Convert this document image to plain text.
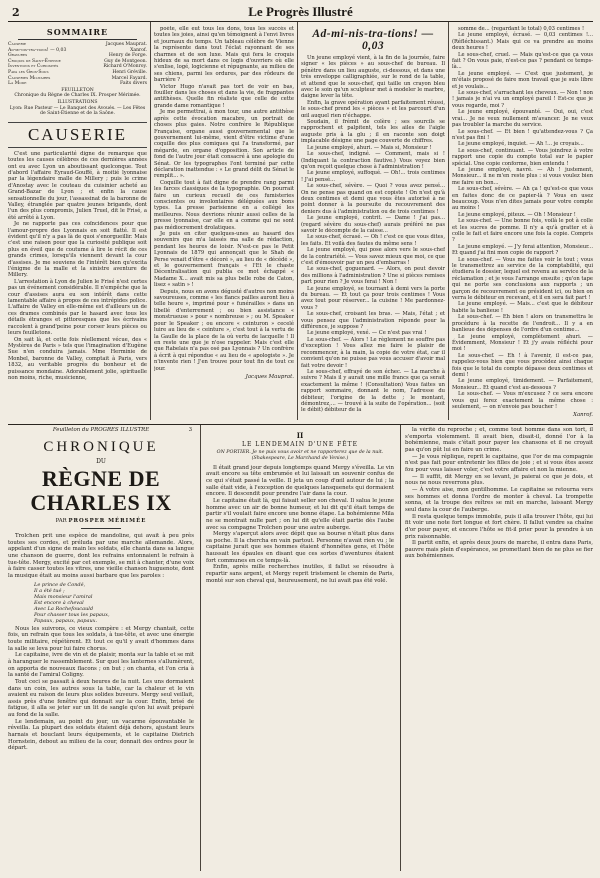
2	Le Progrès Illustré
SOMMAIRE
Causerie	Jacques Mauprat.
Ad-mi-nis-tra-tions! — 0,03	Xanrof.
Gravures	Henry de Forge.
Croquis de Saint-Étienne	Guy de Montgeon.
Inventions et Curiosités	Richard O'Monroy.
Papa les Gros-Sous	Henri Gréville.
Causeries Militaires	Marcel Fayard.
La Mode	Faits divers
FEUILLETON
Chronique du Règne de Charles IX. Prosper Mérimée.
ILLUSTRATIONS
Lyon: Rue Pasteur — Le Banquet des Avoués. — Les Fêtes de Saint-Étienne et de la Saône.
CAUSERIE

C'est une particularité digne de remarque que toutes les causes célèbres de ces dernières années ont eu avec Lyon un aboutissant quelconque. Tout d'abord l'affaire Eyraud-Gouffé, à moitié lyonnaise par la légendaire malle de Millery ; puis le crime d'Anostay avec le couteau du cuisinier acheté au Grand-Bazar de Lyon ; et enfin la cause sensationnelle du jour, l'assassinat de la baronne de Valley, étranglée par quatre jeunes brigands, dont l'un des plus compromis, Julien Truel, dit le Frisé, a été arrêté à Lyon.

Je ne rapporte pas ces coïncidences pour que l'amour-propre des Lyonnais en soit flatté. Il est évident qu'il n'y a pas là de quoi s'enorgueillir. Mais c'est une raison pour que la curiosité publique soit plus en éveil que de coutume à lire le récit de ces grands crimes, lorsqu'ils viennent devant la cour d'assises. Je me souviens de l'intérêt bien qu'excita l'énigme de la malle et la sinistre aventure de Millery.

L'arrestation à Lyon de Julien le Frisé n'est certes pas un événement considérable. Il n'empêche que la cour d'assises aura eu son intérêt dans cette lamentable affaire à propos de ces intrépides police. L'affaire de Valley en elle-même est d'ailleurs un de ces drames combinés par le hasard avec tous les détails étranges et pittoresques que les écrivains raccolent à grand'peine pour corser leurs pièces ou leurs feuilletons.

On sait là, et cette fois réellement vécue, des « Mystères de Paris » tels que l'imagination d'Eugène Sue n'en conduira jamais. Mme Herminie de Monbel, baronne de Valley, comptait à Paris, vers 1832, au veritable progrès du bonheur et de puissance mondaine. Adorablement jolie, spirituelle non moins, riche, musicienne,

poète, elle eut tous les dons, tous les succès et toutes les joies, ainsi qu'en témoignent à l'envi livres et journaux du temps. Un tableau célèbre de Vienne la représente dans tout l'éclat rayonnant de ses charmes et de son luxe. Mais qui fera le croquis hideux de sa mort dans ce logis d'ouvriers où elle s'enlise, logé, logicienne et répugnante, au milieu de ses chiens, parmi les ordures, par des rôdeurs de barrière ?

Victor Hugo n'avait pas tort de voir en bas, fouiller dans les choses et dans la vie, de frappantes antithèses. Quelle fin réaliste que celle de cette grande dame romantique !

Je me permettrai, à mon tour, une autre antithèse après cette évocation macabre, un portrait de choses plus gaies. Notre confrère le République Française, organe aussi gouvernemental que le gouvernement lui-même, vient d'être victime d'une coquille des plus comiques qui l'a transformé, par mégarde, en organe d'opposition. Son article de fond de l'autre jour était consacré à une apologie du Sénat. Or les typographes l'ont terminé par cette déclaration inattendue : « Le grand délit du Sénat le remplit... ».

Coquille tout à fait digne de prendre rang parmi les farces classiques de la typographie. On pourrait faire un curieux recueil de ces fumisteries conscientes ou involontaires déléguées aux bons types. La presse parisienne en a collégé les meilleures. Nous devrions réunir aussi celles de la presse lyonnaise, car elle en a comme qui ne sont pas médiocrement drolatiques.

Je puis en citer quelques-unes au hasard des souvenirs que m'a laissés ma salle de rédaction, pendant les heures de loisir. N'est-ce pas le Petit Lyonnais de 1879 qui annonçait que le Shah de Perse venait d'être « décoré », au lieu de « décédé », et le gouvernement français « l'Et le chaste Décentralisation qui publia ce mot échappé « Madame X... avait mis sa plus belle robe de Caton, lisez « satin » !

Depuis, nous en avons dégusté d'autres non moins savoureuses, comme « les flancs pailles auront lieu à telle heure », imprimé pour « funérailles » dans un libellé d'enterrement ; ou bien assistance « monstrueuse » pour « nombreuse » ; ou M. Speaker pour le Speaker ; ou encore « ceinturon » cecelé luire au lieu de « ceinture », c'est tout à la vertu de la Gaulle de la place de la où vertu de lacquelle ! Il en reste une que je n'ose rappeler. Mais c'est elle que Rabelais n'a pas osé pas Lyonnais ? Un confrère à écrit à qui répondue « au lieu de « apologiste ». Je n'invente rien ! J'en trouve pour tout fin de tout ce jour.

Jacques Mauprat.
Ad-mi-nis-tra-tions! — 0,03

Un jeune employé vient, à la fin de la journée, faire signer « les pièces » au sous-chef de bureau. Il pénètre dans un lieu auguste, ci-dessous, et dans une très enveloppe calligraphiée, sur le rond de la table, et attend que le sous-chef, qui taille un crayon bleu avec le soin qu'un sculpteur met à modeler le marbre, daigne lever la tête.

Enfin, la grave opération ayant parfaitement réussi, le sous-chef prend les « pièces » et les parcourt d'un œil auquel rien n'échappe.

Soudain, il frémit de colère ; ses sourcils se rapprochent et palpitent, tels les ailes de l'aigle auguste pris à la glu ; il en raconte son doigt implacable désigne une page couverte de chiffres.

Le jeune employé, ahuri. — Mais si, Monsieur !

Le sous-chef, indigné. — Comment, mais si ! (Indiquant la contraction fautive.) Vous voyez bien qu'on reçoit quelque chose à l'administration !

Le jeune employé, suffoqué. — Oh!... trois centimes ! J'ai pensé...

Le sous-chef, sévère. — Quoi ? vous avez pensé... On ne pense pas quand on est copiste ! On n'est qu'à deux centimes et demi que vous êtes autorisé à ne point donner à la poursuite du recouvrement des deniers dus à l'administration ou de trois centimes !

Le jeune employé, contrit. — Dame ! j'ai pas... (regard sévère du sous-chef) aurais préféré ne pas savoir le décompte de la caisse...

Le sous-chef, écrasé. — Oh ! c'est ce que vous dites, les faits. Et voilà des fautes du même sens !

Le jeune employé, qui pose alors vers le sous-chef de la contrariété. — Vous savez mieux que moi, ce que c'est d'émouvoir par un peu d'embarras !

Le sous-chef, goguenard. — Alors, on peut devoir des millions à l'administration ? Une si pièces remises part pour rien ? Je vous ferai ! Non !

Le jeune employé, se tournant à demi vers la porte du bureau. — Et tout ça pour trois centimes ! Vous avez tout pour réserver... la cuisine ! Me pardonnez-vous ?

Le sous-chef, croisant les bras. — Mais, l'état ; et vous pensez que l'administration réponde pour la différence, je suppose ?

Le jeune employé, vexé. — Ce n'est pas vrai !

Le sous-chef. — Alors ! Le règlement ne souffre pas d'exception ! Vous allez me faire le plaisir de recommencer, à la main, la copie de votre état, car il convient qu'on ne puisse pas vous accuser d'avoir mal fait votre devoir !

Le sous-chef, effrayé de son échec. — La marche à suivre ? Mais il y aurait une mille francs que ça serait exactement la même ! (Consultation) Vous faites un rapport sommaire, donnant le nom, l'adresse du débiteur, l'origine de la dette ; le montant, démontrez,... — trouvé à la suite de l'opération... (soit le débit) débiteur de la

somme de... (regardant le total) 0,03 centimes !

Le jeune employé, écrasé. — 0,03 centimes !... (Réfléchissant.) Mais qui ce va prendre au moins deux heures !

Le sous-chef, cruel. — Mais qu'est-ce que ça vous fait ? On vous paie, n'est-ce pas ? pendant ce temps-là...

Le jeune employé. — C'est que justement, je m'étais proposé de faire mon travail que je suis libre et je voulais...

Le sous-chef, s'arrachant les cheveux. — Non ! non ! jamais je n'ai vu un employé pareil ! Est-ce que je vous regarde, moi ?

Le jeune employé, épouvanté. — Oui, oui, c'est vrai... Je ne veux nullement m'avancer. Je ne veux pas troubler la marche du service.

Le sous-chef. — Et bien ! qu'attendez-vous ? Ça n'est pas fini !

Le jeune employé, inquiet. — Ah !... je croyais...

Le sous-chef, continuant. — Vous joindrez à votre rapport une copie du compte total sur le papier spécial. Une copie conforme, bien entendu !

Le jeune employé, navré. — Ah ! justement, Monsieur... il ne m'en reste plus : si vous voulez bien me faire un bon...

Le sous-chef, sévère. — Ah ça ! qu'est-ce que vous en faites donc de ce papier-là ? Vous en usez beaucoup. Vous n'en dites jamais pour votre compte au moins !

Le jeune employé, piteux. — Oh ! Monsieur !

Le sous-chef. — Une bonne fois, voilà le pot à colle et les sucres de pomme. Il n'y a qu'à gratter et à colle le fait et faire encore une fois la copie. Compris ?

Le jeune employé. — J'y ferai attention, Monsieur... Et quand j'ai fini mon copie de rapport ?

Le sous-chef. — Vous me faites voir le tout ; vous le transmettrez au service de la comptabilité, qui étudiera le dossier, lequel est revenu au service de la réclamation ; et je vous l'arrange ensuite ; qu'on tape qui ne porte ses conclusions aux rapports ; un garçon de recouvrement ou président ici, ou bien on verra le débiteur en recevant, et il en sera fait part !

Le jeune employé. — Mais... c'est que le débiteur habite la banlieue !

Le sous-chef. — Eh bien ! alors on transmettra le procédure à la recette de l'endroit... Il y a en banlieue des dépenses de l'ordre d'un centime...

Le jeune employé, complètement ahuri. — Évidemment, Monsieur ! Et j'y avais réfléchi pour moi !

Le sous-chef. — Eh ! à l'avenir, il est-ce pas, rappelez-vous bien que vous procédez ainsi chaque fois que le total du compte dépasse deux centimes et demi !

Le jeune employé, timidement. — Parfaitement, Monsieur... Et quand c'est au-dessous ?

Le sous-chef. — Vous m'excusez ? ce sera encore vous qui ferez exactement la même chose : seulement, — on n'envoie pas boucher !

Xanrof.

Feuilleton du PROGRÈS ILLUSTRÉ	3
CHRONIQUE
DU
RÈGNE DE CHARLES IX
PAR PROSPER MÉRIMÉE

Trolchen prit une espèce de mandoline, qui avait à peu près toutes ses cordes, et préluda par une marche allemande. Alors, appelant d'un signe de main les soldats, elle chanta dans sa langue une chanson de guerre, dont les refrains entonnaient le refrain à tue-tête. Mergy, excité par cet exemple, se mit à chanter, d'une voix à faire casser toutes les vitres, une vieille chanson huguenote, dont la musique était au moins aussi barbare que les paroles :

Le prince de Condé,
Il a été tué ;
Mais monsieur l'amiral
Est encore à cheval
Avec La Rochefoucauld
Pour chasser tous les papaux,
Papaux, papaux, papaux.

Nous les suivrons, ce vieux compère : et Mergy chantait, cette fois, un refrain que tous les soldats, à tue-tête, et avec une énergie toute militaire, répétèrent. Et tout ce qu'il y avait d'hommes dans la salle se leva pour lui faire chorus.

Le capitaine, ivre de vin et de plaisir, monta sur la table et se mit à haranguer le rassemblement. Sur quoi les lanternes s'allumèrent, on apporta de nouveaux flacons ; on but ; on chanta, et l'on cria à la santé de l'amiral Coligny.

Tout ceci se passait à deux heures de la nuit. Les uns dormaient dans un coin, les autres sous la table, car la chaleur et le vin avaient eu raison de leurs plus solides buveurs. Mergy seul veillait, assis près d'une fenêtre qui donnait sur la cour. Enfin, brisé de fatigue, il alla se jeter sur un lit de sangle qu'on lui avait préparé au fond de la salle.

Le lendemain, au point du jour, un vacarme épouvantable le réveilla. La plupart des soldats étaient déjà dehors, ajustant leurs harnais et bouclant leurs équipements, et le capitaine Dietrich Hornstein, debout au milieu de la cour, donnait des ordres pour le départ.

II
LE LENDEMAIN D'UNE FÊTE
ON PORTIER. Je ne puis vous avoir et ne rapporterez que de la nuit. (Shakespeare, Le Marchand de Venise.)

Il était grand jour depuis longtemps quand Mergy s'éveilla. Le vin avait encore sa tête embrumée et lui laissait un souvenir confus de ce qui s'était passé la veille. Il jeta un coup d'œil autour de lui ; la salle était vide, à l'exception de quelques lansquenets qui dormaient encore. Il descendit pour prendre l'air dans la cour.

Le capitaine était là, qui faisait seller son cheval. Il salua le jeune homme avec un air de bonne humeur, et lui dit qu'il était temps de partir s'il voulait faire encore une bonne étape. La bohémienne Mila ne se montrait nulle part ; on lui dit qu'elle était partie dès l'aube avec sa compagne Trolchen pour une autre auberge.

Mergy s'aperçut alors avec dépit que sa bourse n'était plus dans sa poche. Il la chercha en vain partout. Personne n'avait rien vu ; le capitaine jurait que ses hommes étaient d'honnêtes gens, et l'hôte haussait les épaules en disant que ces sortes d'aventures étaient fort communes en ce temps-là.

Enfin, après mille recherches inutiles, il fallut se résoudre à repartir sans argent, et Mergy reprit tristement le chemin de Paris, monté sur son cheval qui, heureusement, ne lui avait pas été volé.

la vérité du reproche ; et, comme tout homme dans son tort, il s'emporta violemment. Il avait bien, disait-il, donné l'or à la bohémienne, mais c'était pour payer les chansons et il ne croyait pas qu'on pût lui en faire un crime.

— Je vous réplique, reprit le capitaine, que l'or de ma compagnie n'est pas fait pour entretenir les filles de joie ; et si vous êtes assez fou pour vous laisser voler, c'est votre affaire et non la mienne.

— Il suffit, dit Mergy en se levant, je paierai ce que je dois, et nous ne nous reverrons plus.

— À votre aise, mon gentilhomme. Le capitaine se retourna vers ses hommes et donna l'ordre de monter à cheval. La trompette sonna, et la troupe des reîtres se mit en marche, laissant Mergy seul dans la cour de l'auberge.

Il resta quelque temps immobile, puis il alla trouver l'hôte, qui lui fit voir une note fort longue et fort chère. Il fallut vendre sa chaîne d'or pour payer, et encore l'hôte se fit-il prier pour la prendre à un prix raisonnable.

Il partit enfin, et après deux jours de marche, il entra dans Paris, pauvre mais plein d'espérance, se promettant bien de ne plus se fier aux bohémiennes.
